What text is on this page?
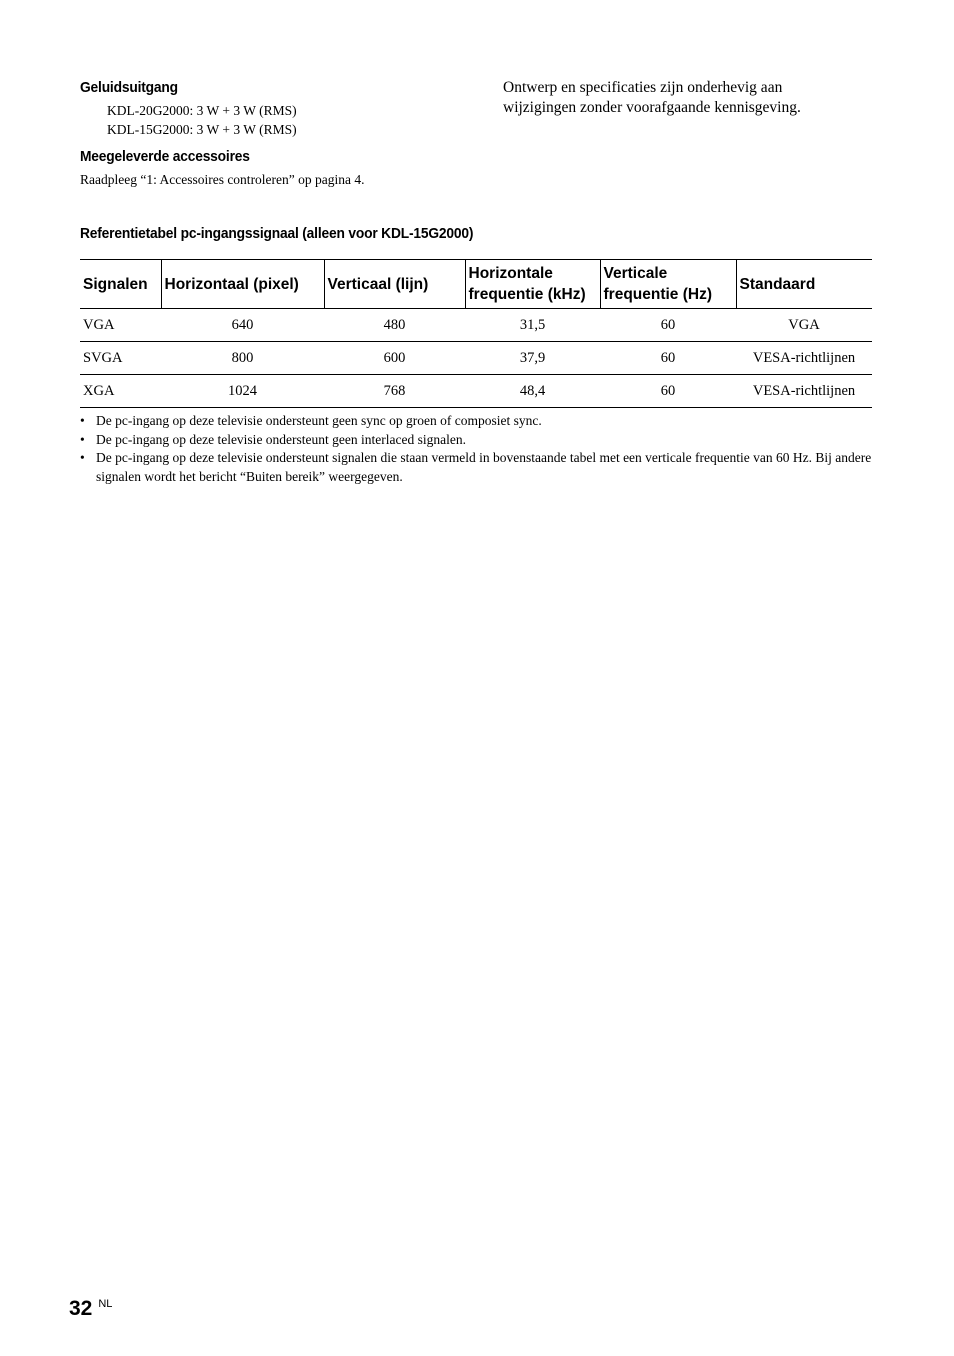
Geluidsuitgang
KDL-20G2000: 3 W + 3 W (RMS)
KDL-15G2000: 3 W + 3 W (RMS)
Meegeleverde accessoires
Raadpleeg “1: Accessoires controleren” op pagina 4.
Ontwerp en specificaties zijn onderhevig aan
wijzigingen zonder voorafgaande kennisgeving.
Referentietabel pc-ingangssignaal (alleen voor KDL-15G2000)
Signalen	Horizontaal (pixel)	Verticaal (lijn)	Horizontale frequentie (kHz)	Verticale frequentie (Hz)	Standaard
VGA	640	480	31,5	60	VGA
SVGA	800	600	37,9	60	VESA-richtlijnen
XGA	1024	768	48,4	60	VESA-richtlijnen
• De pc-ingang op deze televisie ondersteunt geen sync op groen of composiet sync.
• De pc-ingang op deze televisie ondersteunt geen interlaced signalen.
• De pc-ingang op deze televisie ondersteunt signalen die staan vermeld in bovenstaande tabel met een verticale frequentie van 60 Hz. Bij andere signalen wordt het bericht “Buiten bereik” weergegeven.
32 $^{NL}$
